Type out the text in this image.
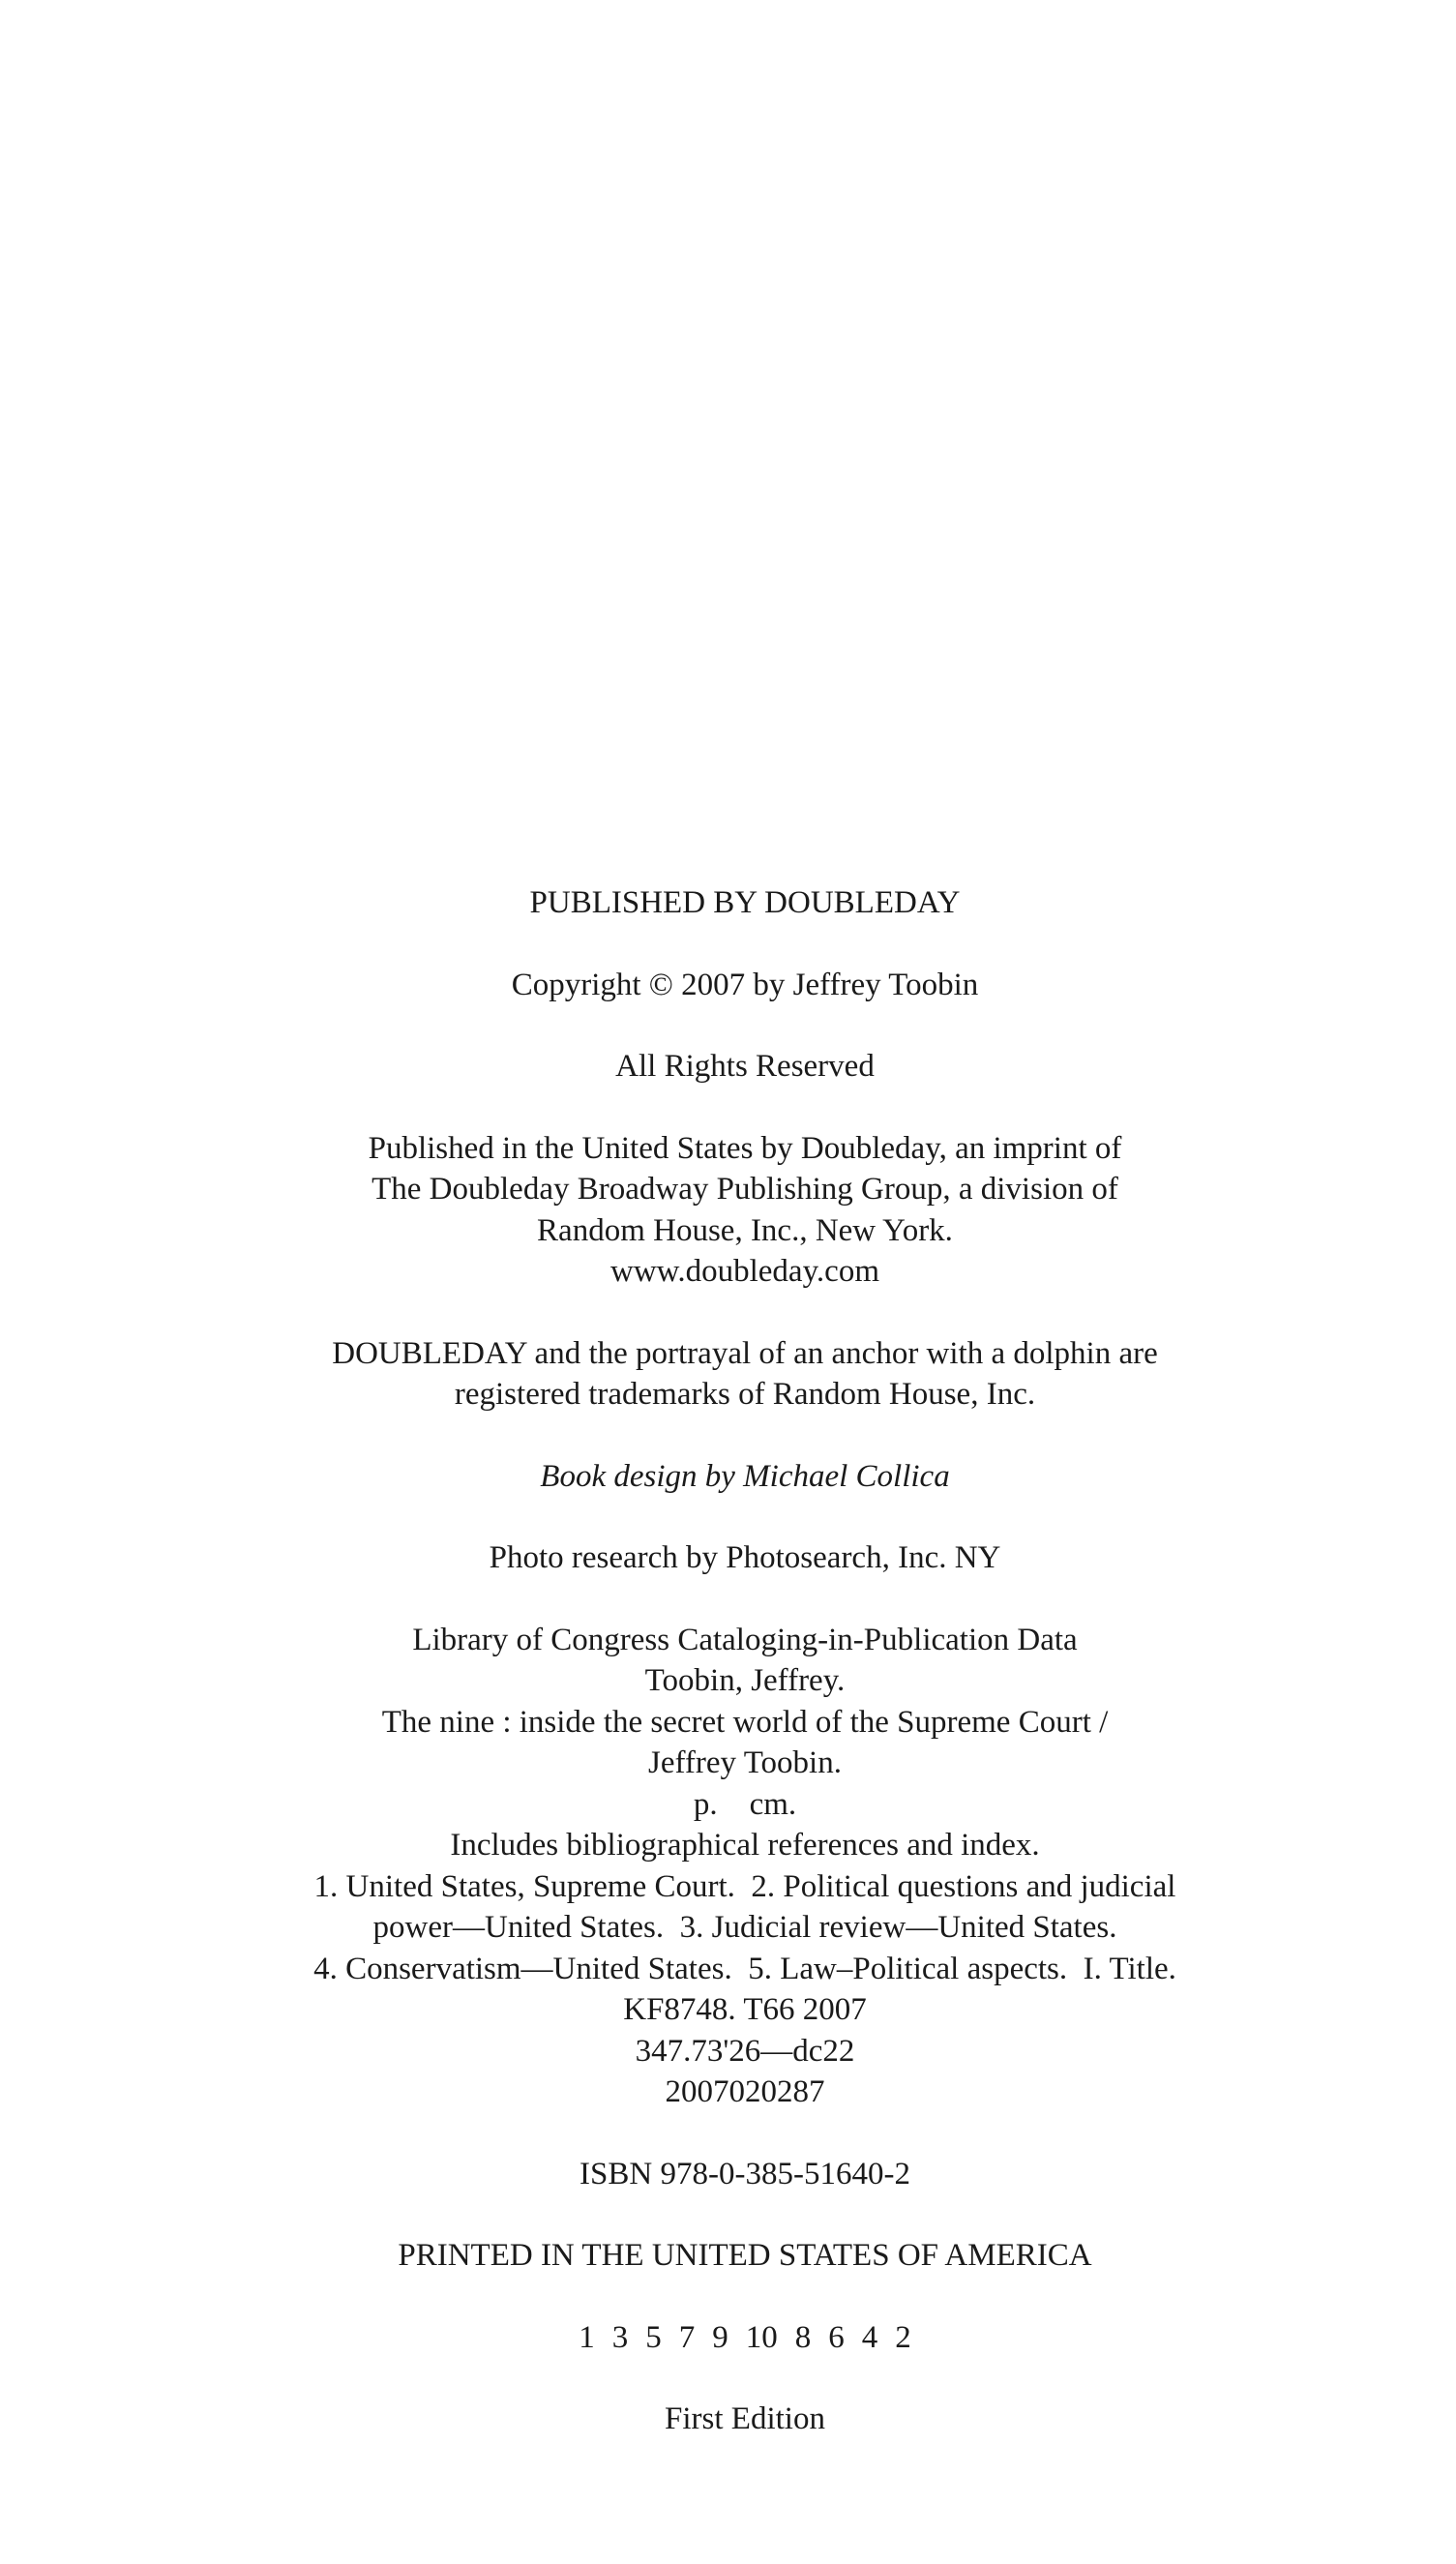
PUBLISHED BY DOUBLEDAY
Copyright © 2007 by Jeffrey Toobin
All Rights Reserved
Published in the United States by Doubleday, an imprint of
The Doubleday Broadway Publishing Group, a division of
Random House, Inc., New York.
www.doubleday.com
DOUBLEDAY and the portrayal of an anchor with a dolphin are
registered trademarks of Random House, Inc.
Book design by Michael Collica
Photo research by Photosearch, Inc. NY
Library of Congress Cataloging-in-Publication Data
Toobin, Jeffrey.
The nine : inside the secret world of the Supreme Court /
Jeffrey Toobin.
p.    cm.
Includes bibliographical references and index.
1. United States, Supreme Court.  2. Political questions and judicial
power—United States.  3. Judicial review—United States.
4. Conservatism—United States.  5. Law–Political aspects.  I. Title.
KF8748. T66 2007
347.73'26—dc22
2007020287
ISBN 978-0-385-51640-2
PRINTED IN THE UNITED STATES OF AMERICA
1 3 5 7 9 10 8 6 4 2
First Edition
